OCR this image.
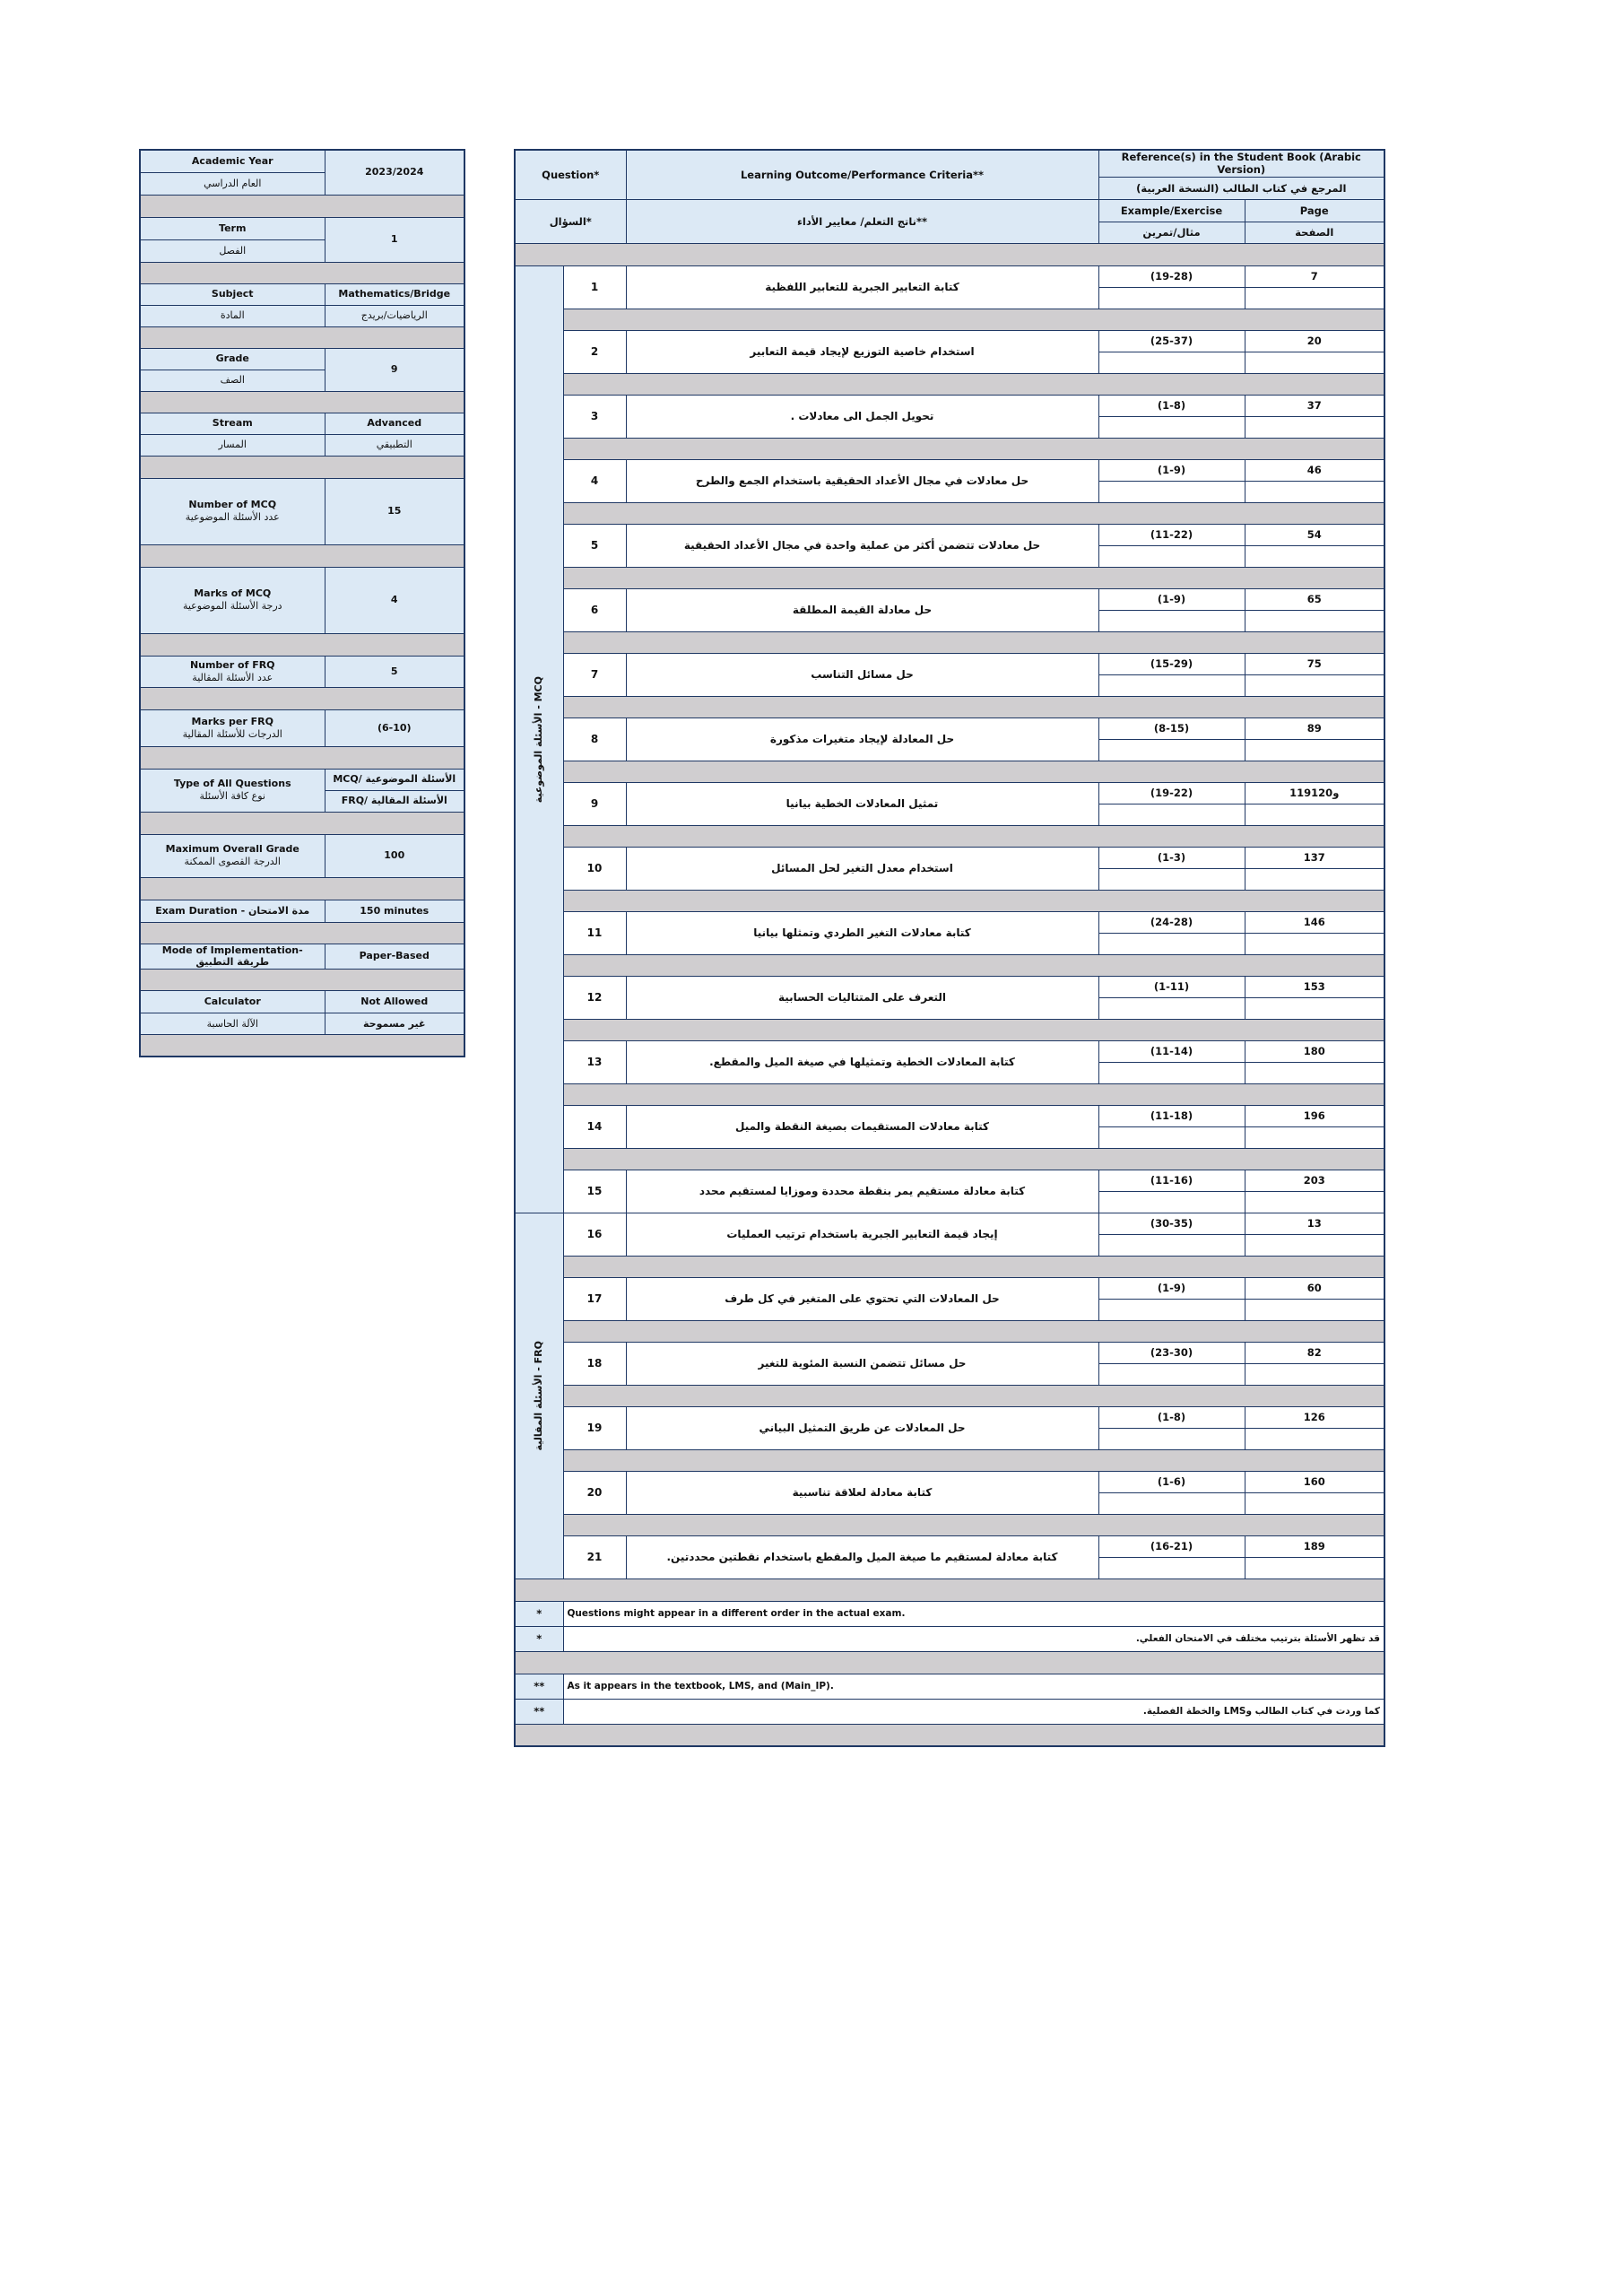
Academic Year	2023/2024
العام الدراسي	

Term	1
الفصل	

Subject	Mathematics/Bridge
المادة	الرياضيات/بريدج

Grade	9
الصف	

Stream	Advanced
المسار	التطبيقي

Number of MCQ
عدد الأسئلة الموضوعية	15

Marks of MCQ
درجة الأسئلة الموضوعية	4

Number of FRQ
عدد الأسئلة المقالية	5

Marks per FRQ
الدرجات للأسئلة المقالية	(6-10)

Type of All Questions
نوع كافة الأسئلة	MCQ/ الأسئلة الموضوعية
	FRQ/ الأسئلة المقالية

Maximum Overall Grade
الدرجة القصوى الممكنة	100

Exam Duration - مدة الامتحان	150 minutes

Mode of Implementation- طريقة التطبيق	Paper-Based

Calculator	Not Allowed
الآلة الحاسبة	غير مسموحة

Question*		Learning Outcome/Performance Criteria**	Reference(s) in the Student Book (Arabic Version)	
			المرجع في كتاب الطالب (النسخة العربية)	
السؤال*		ناتج التعلم/ معايير الأداء**	Example/Exercise	Page
			مثال/تمرين	الصفحة

الأسئلة الموضوعية - MCQ	1	كتابة التعابير الجبرية للتعابير اللفظية	(19-28)	7

	2	استخدام خاصية التوزيع لإيجاد قيمة التعابير	(25-37)	20

	3	تحويل الجمل الى معادلات .	(1-8)	37

	4	حل معادلات في مجال الأعداد الحقيقية باستخدام الجمع والطرح	(1-9)	46

	5	حل معادلات تتضمن أكثر من عملية واحدة في مجال الأعداد الحقيقية	(11-22)	54

	6	حل معادلة القيمة المطلقة	(1-9)	65

	7	حل مسائل التناسب	(15-29)	75

	8	حل المعادلة لإيجاد متغيرات مذكورة	(8-15)	89

	9	تمثيل المعادلات الخطية بيانيا	(19-22)	119و120

	10	استخدام معدل التغير لحل المسائل	(1-3)	137

	11	كتابة معادلات التغير الطردي وتمثلها بيانيا	(24-28)	146

	12	التعرف على المتتاليات الحسابية	(1-11)	153

	13	كتابة المعادلات الخطية وتمثيلها في صيغة الميل والمقطع.	(11-14)	180

	14	كتابة معادلات المستقيمات بصيغة النقطة والميل	(11-18)	196

	15	كتابة معادلة مستقيم يمر بنقطة محددة وموزايا لمستقيم محدد	(11-16)	203

الأسئلة المقالية - FRQ	16	إيجاد قيمة التعابير الجبرية باستخدام ترتيب العمليات	(30-35)	13

	17	حل المعادلات التي تحتوي على المتغير في كل طرف	(1-9)	60

	18	حل مسائل تتضمن النسبة المئوية للتغير	(23-30)	82

	19	حل المعادلات عن طريق التمثيل البياني	(1-8)	126

	20	كتابة معادلة لعلاقة تناسبية	(1-6)	160

	21	كتابة معادلة لمستقيم ما صيغة الميل والمقطع باستخدام نقطتين محددتين.	(16-21)	189

*	Questions might appear in a different order in the actual exam.			
*	قد تظهر الأسئلة بترتيب مختلف في الامتحان الفعلي.			

**	As it appears in the textbook, LMS, and (Main_IP).			
**	كما وردت في كتاب الطالب وLMS والخطة الفصلية.			
